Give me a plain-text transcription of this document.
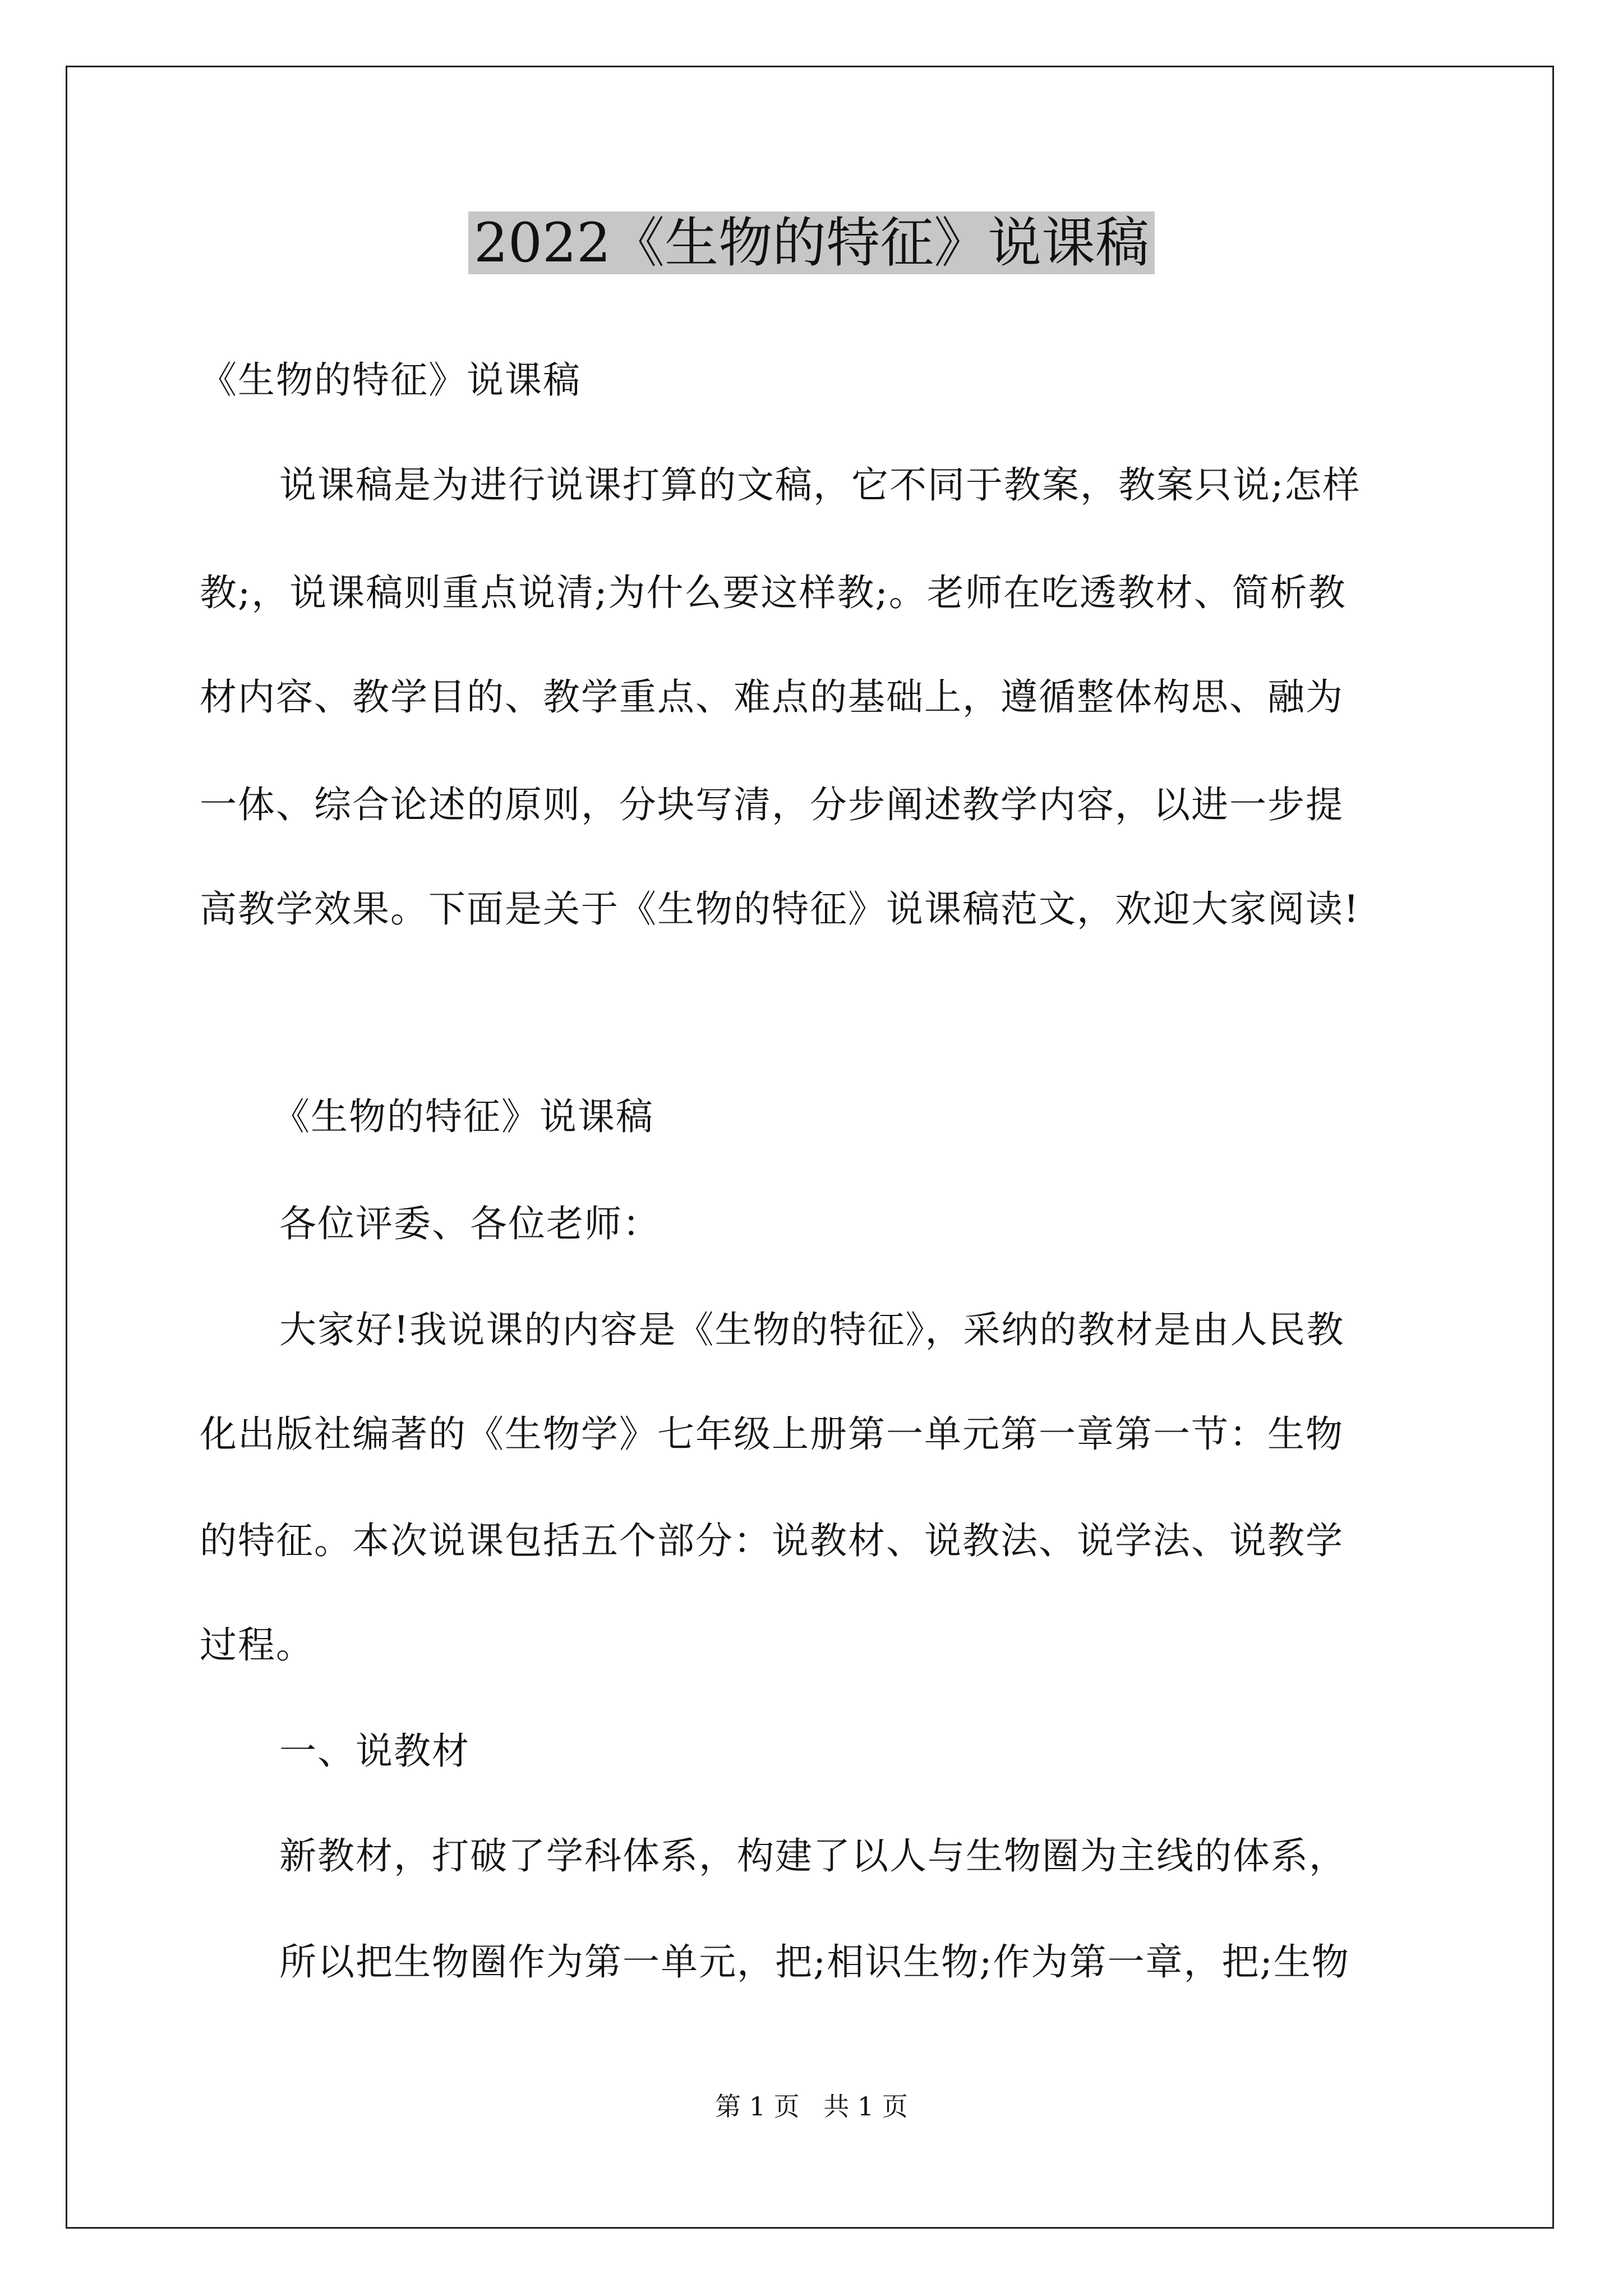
2022《生物的特征》说课稿
《生物的特征》说课稿
说课稿是为进行说课打算的文稿，它不同于教案，教案只说;怎样
教;，说课稿则重点说清;为什么要这样教;。老师在吃透教材、简析教
材内容、教学目的、教学重点、难点的基础上，遵循整体构思、融为
一体、综合论述的原则，分块写清，分步阐述教学内容，以进一步提
高教学效果。下面是关于《生物的特征》说课稿范文，欢迎大家阅读!
《生物的特征》说课稿
各位评委、各位老师：
大家好!我说课的内容是《生物的特征》，采纳的教材是由人民教
化出版社编著的《生物学》七年级上册第一单元第一章第一节：生物
的特征。本次说课包括五个部分：说教材、说教法、说学法、说教学
过程。
一、说教材
新教材，打破了学科体系，构建了以人与生物圈为主线的体系，
所以把生物圈作为第一单元，把;相识生物;作为第一章，把;生物
第 1 页 共 1 页
